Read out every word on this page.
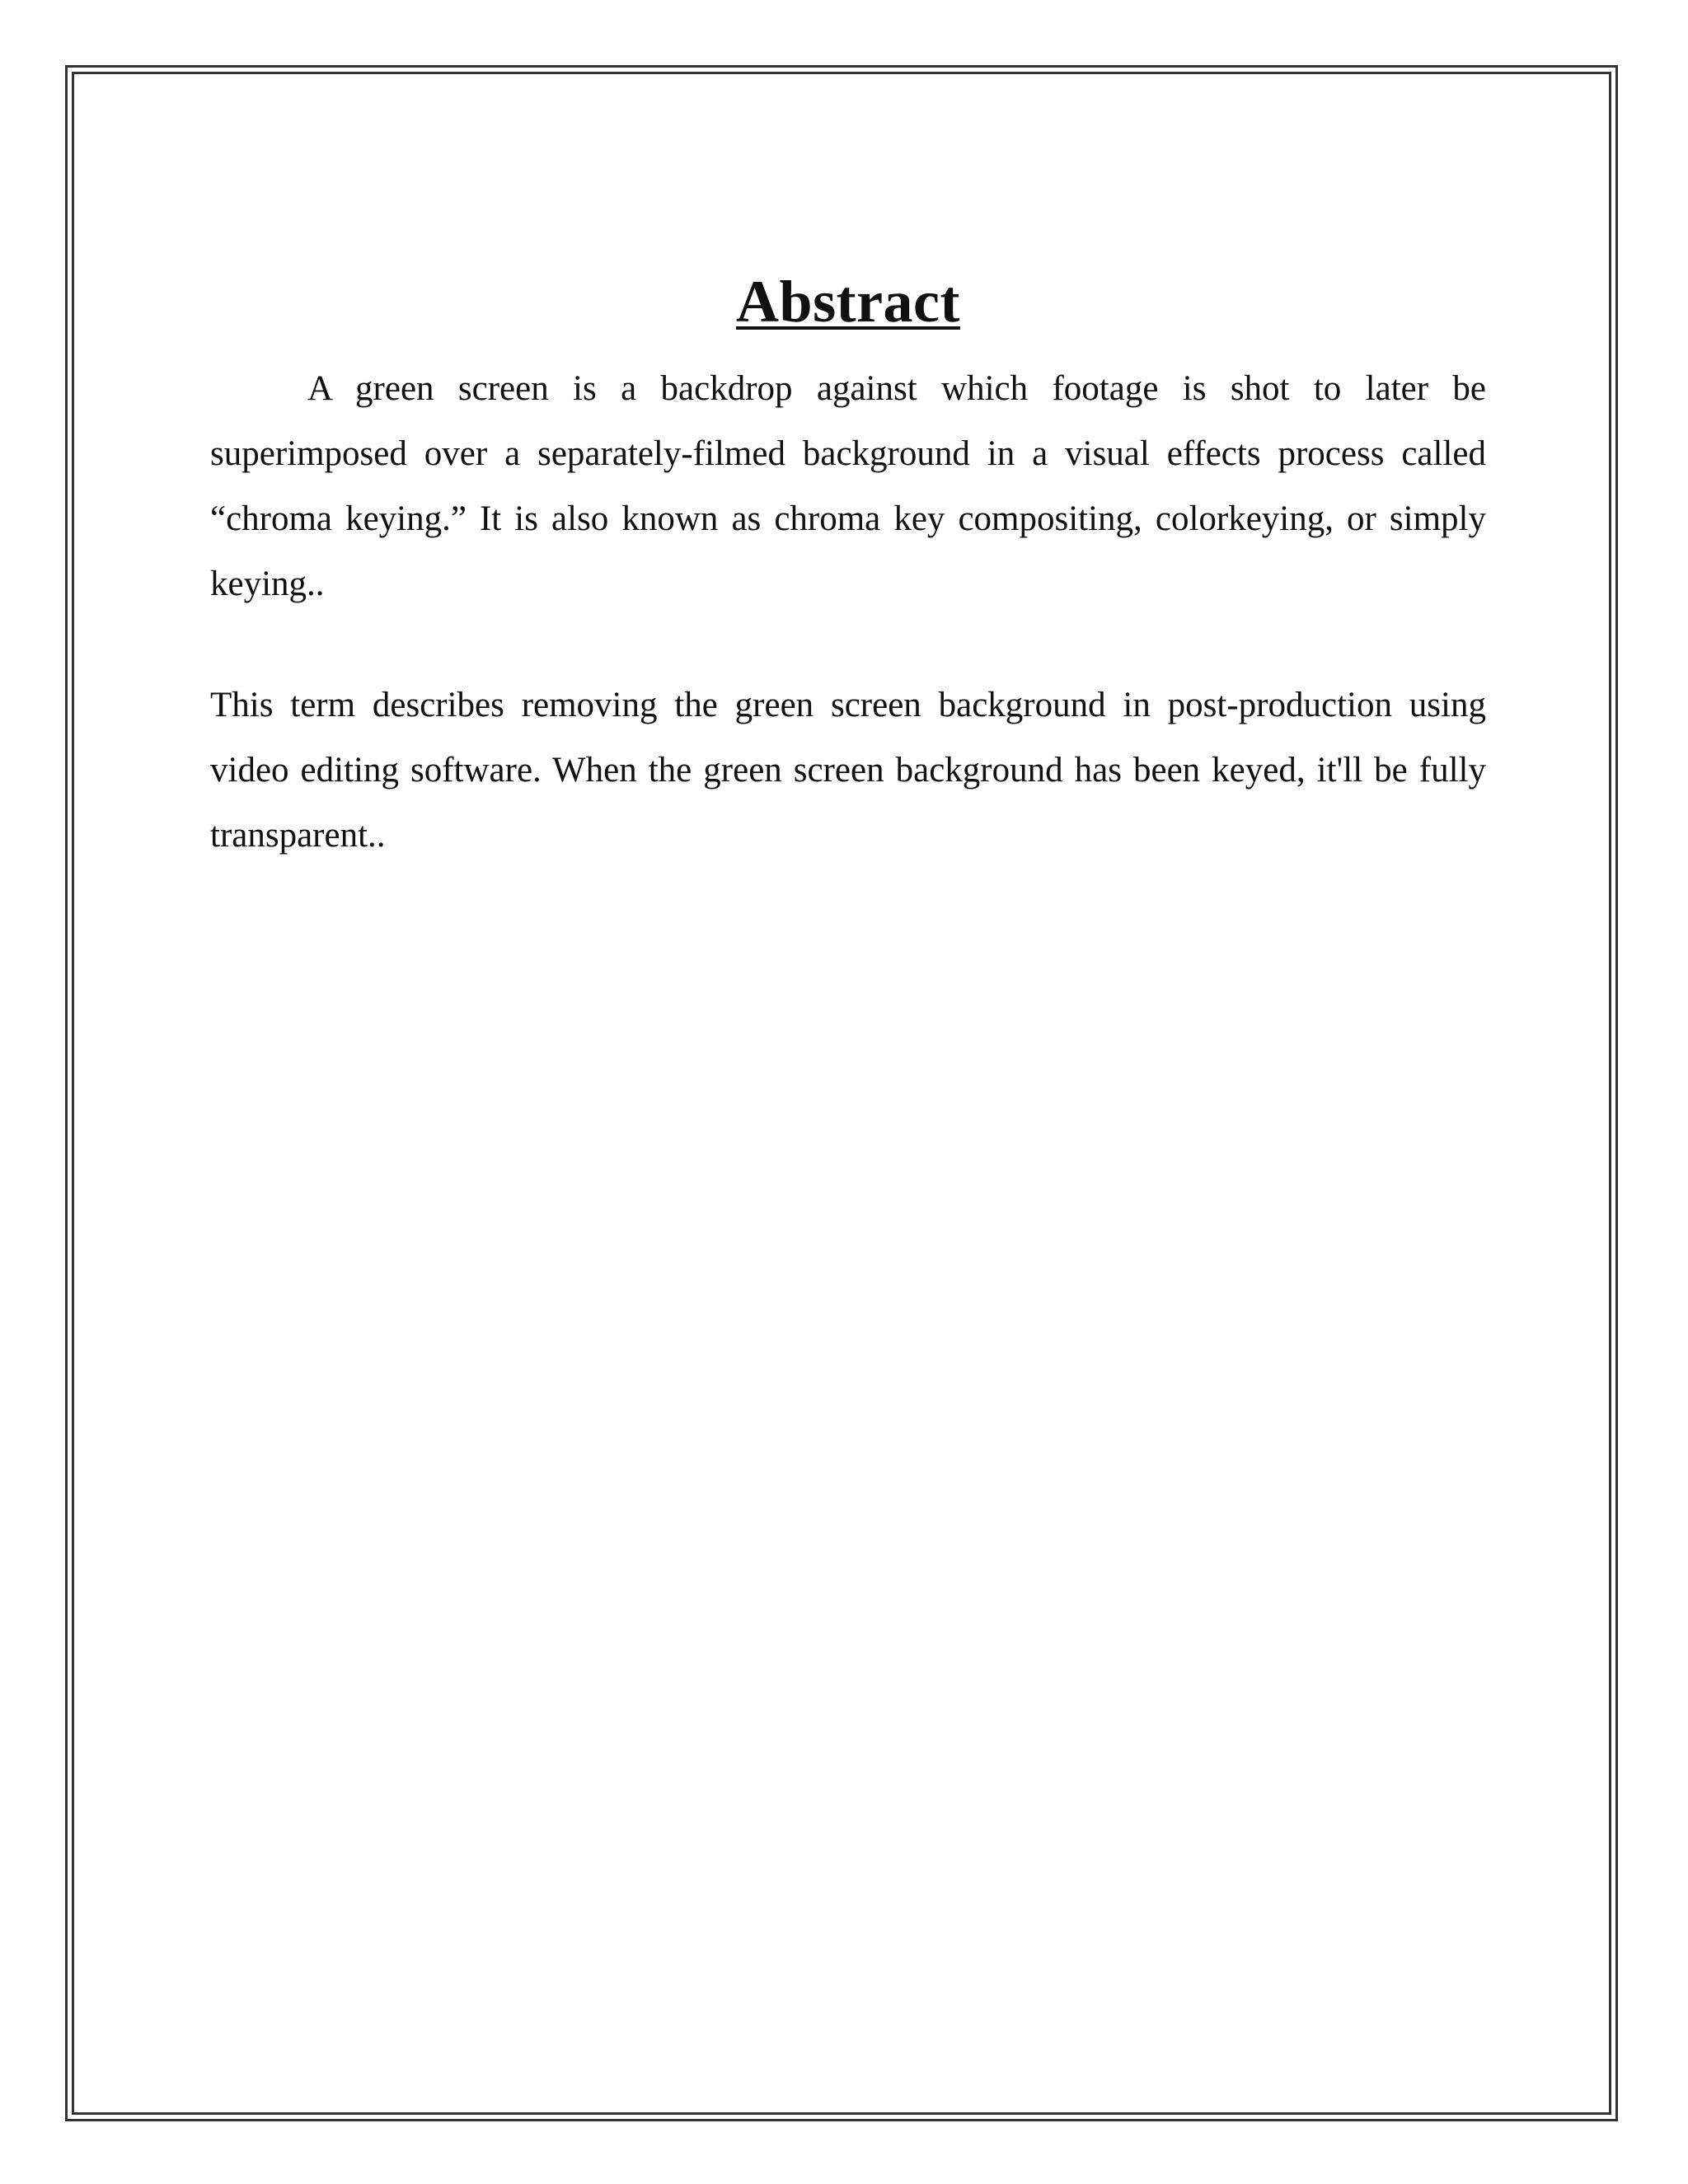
Abstract

A green screen is a backdrop against which footage is shot to later be superimposed over a separately-filmed background in a visual effects process called “chroma keying.” It is also known as chroma key compositing, colorkeying, or simply keying..

This term describes removing the green screen background in post-production using video editing software. When the green screen background has been keyed, it'll be fully transparent..
